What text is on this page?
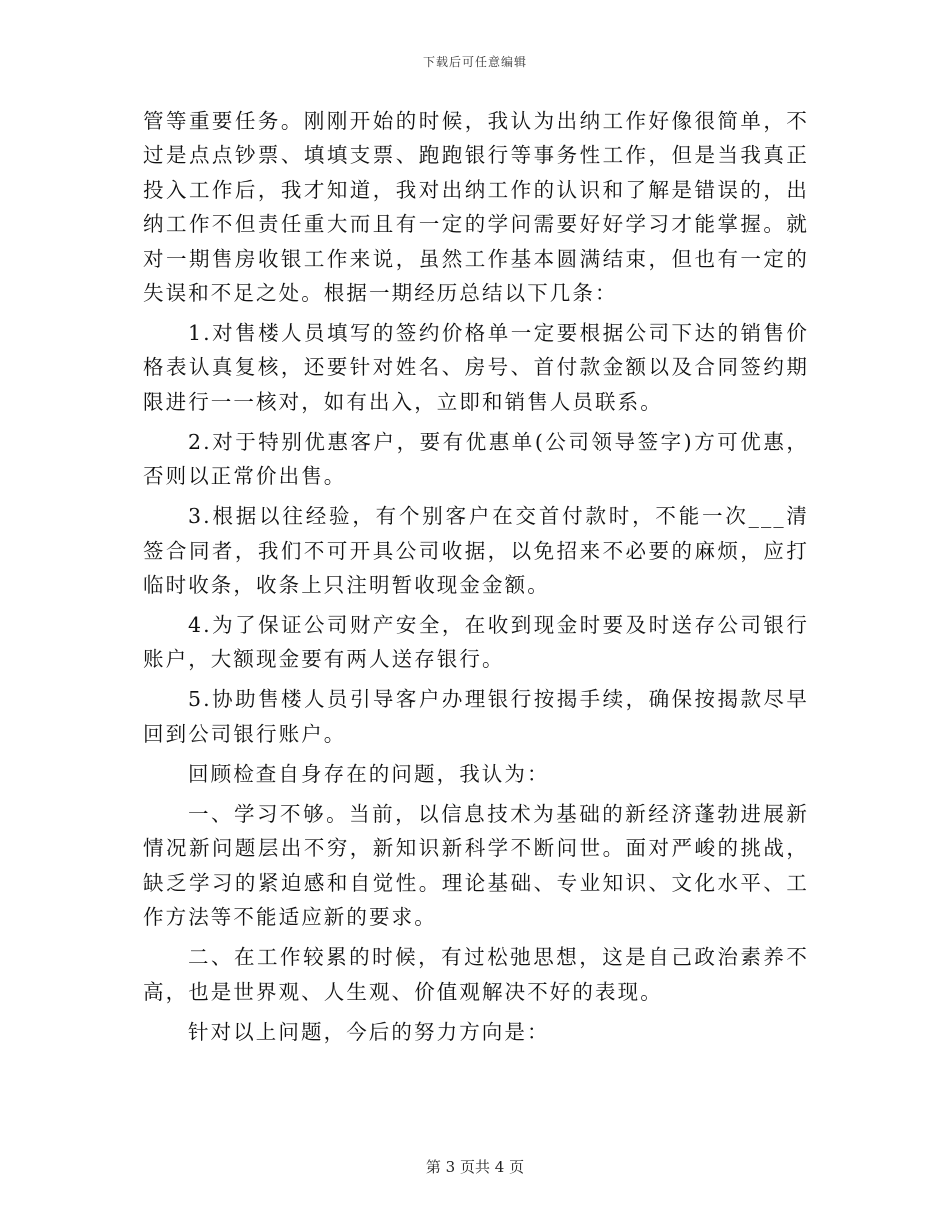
下载后可任意编辑

管等重要任务。刚刚开始的时候，我认为出纳工作好像很简单，不过是点点钞票、填填支票、跑跑银行等事务性工作，但是当我真正投入工作后，我才知道，我对出纳工作的认识和了解是错误的，出纳工作不但责任重大而且有一定的学问需要好好学习才能掌握。就对一期售房收银工作来说，虽然工作基本圆满结束，但也有一定的失误和不足之处。根据一期经历总结以下几条：

1.对售楼人员填写的签约价格单一定要根据公司下达的销售价格表认真复核，还要针对姓名、房号、首付款金额以及合同签约期限进行一一核对，如有出入，立即和销售人员联系。

2.对于特别优惠客户，要有优惠单(公司领导签字)方可优惠，否则以正常价出售。

3.根据以往经验，有个别客户在交首付款时，不能一次___清签合同者，我们不可开具公司收据，以免招来不必要的麻烦，应打临时收条，收条上只注明暂收现金金额。

4.为了保证公司财产安全，在收到现金时要及时送存公司银行账户，大额现金要有两人送存银行。

5.协助售楼人员引导客户办理银行按揭手续，确保按揭款尽早回到公司银行账户。

回顾检查自身存在的问题，我认为：

一、学习不够。当前，以信息技术为基础的新经济蓬勃进展新情况新问题层出不穷，新知识新科学不断问世。面对严峻的挑战，缺乏学习的紧迫感和自觉性。理论基础、专业知识、文化水平、工作方法等不能适应新的要求。

二、在工作较累的时候，有过松弛思想，这是自己政治素养不高，也是世界观、人生观、价值观解决不好的表现。

针对以上问题，今后的努力方向是：

第 3 页共 4 页
